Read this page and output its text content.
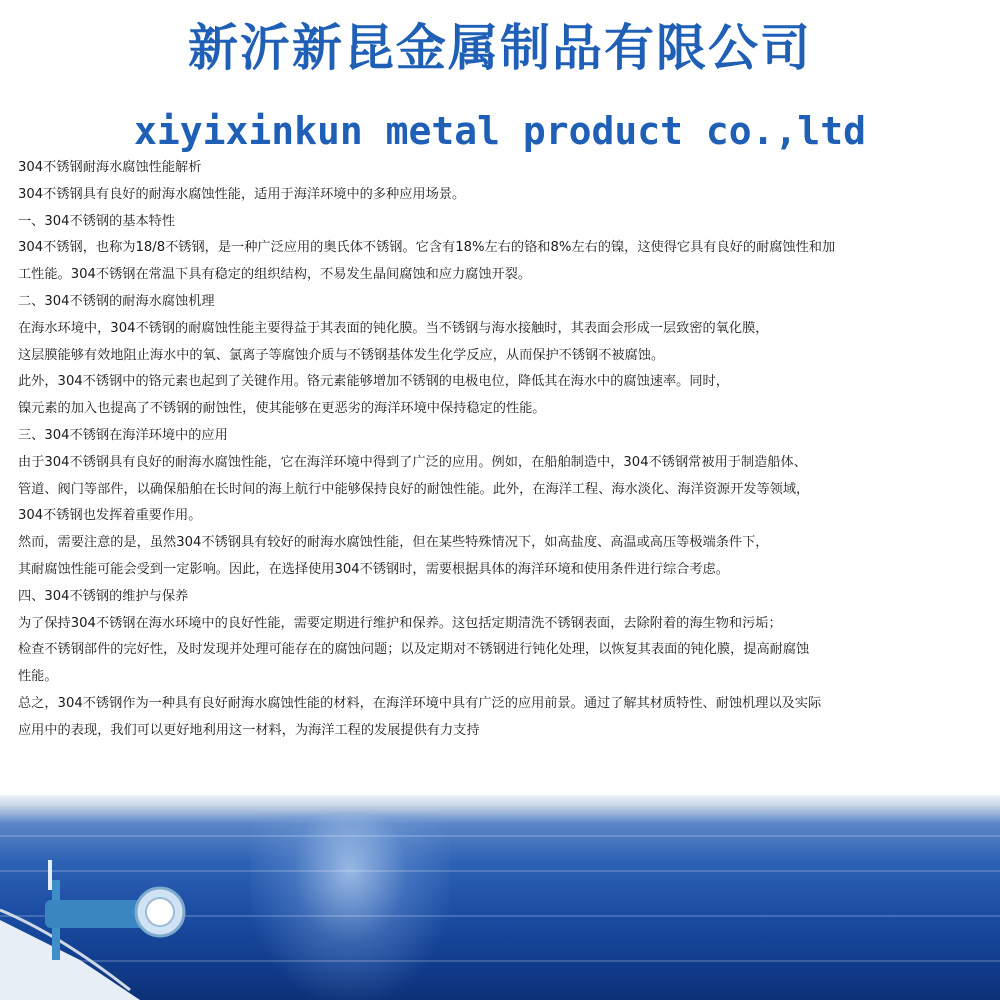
新沂新昆金属制品有限公司
xiyixinkun metal product co.,ltd
304不锈钢耐海水腐蚀性能解析
304不锈钢具有良好的耐海水腐蚀性能，适用于海洋环境中的多种应用场景。
一、304不锈钢的基本特性
304不锈钢，也称为18/8不锈钢，是一种广泛应用的奥氏体不锈钢。它含有18%左右的铬和8%左右的镍，这使得它具有良好的耐腐蚀性和加
工性能。304不锈钢在常温下具有稳定的组织结构，不易发生晶间腐蚀和应力腐蚀开裂。
二、304不锈钢的耐海水腐蚀机理
在海水环境中，304不锈钢的耐腐蚀性能主要得益于其表面的钝化膜。当不锈钢与海水接触时，其表面会形成一层致密的氧化膜，
这层膜能够有效地阻止海水中的氧、氯离子等腐蚀介质与不锈钢基体发生化学反应，从而保护不锈钢不被腐蚀。
此外，304不锈钢中的铬元素也起到了关键作用。铬元素能够增加不锈钢的电极电位，降低其在海水中的腐蚀速率。同时，
镍元素的加入也提高了不锈钢的耐蚀性，使其能够在更恶劣的海洋环境中保持稳定的性能。
三、304不锈钢在海洋环境中的应用
由于304不锈钢具有良好的耐海水腐蚀性能，它在海洋环境中得到了广泛的应用。例如，在船舶制造中，304不锈钢常被用于制造船体、
管道、阀门等部件，以确保船舶在长时间的海上航行中能够保持良好的耐蚀性能。此外，在海洋工程、海水淡化、海洋资源开发等领域，
304不锈钢也发挥着重要作用。
然而，需要注意的是，虽然304不锈钢具有较好的耐海水腐蚀性能，但在某些特殊情况下，如高盐度、高温或高压等极端条件下，
其耐腐蚀性能可能会受到一定影响。因此，在选择使用304不锈钢时，需要根据具体的海洋环境和使用条件进行综合考虑。
四、304不锈钢的维护与保养
为了保持304不锈钢在海水环境中的良好性能，需要定期进行维护和保养。这包括定期清洗不锈钢表面，去除附着的海生物和污垢；
检查不锈钢部件的完好性，及时发现并处理可能存在的腐蚀问题；以及定期对不锈钢进行钝化处理，以恢复其表面的钝化膜，提高耐腐蚀
性能。
总之，304不锈钢作为一种具有良好耐海水腐蚀性能的材料，在海洋环境中具有广泛的应用前景。通过了解其材质特性、耐蚀机理以及实际
应用中的表现，我们可以更好地利用这一材料，为海洋工程的发展提供有力支持
